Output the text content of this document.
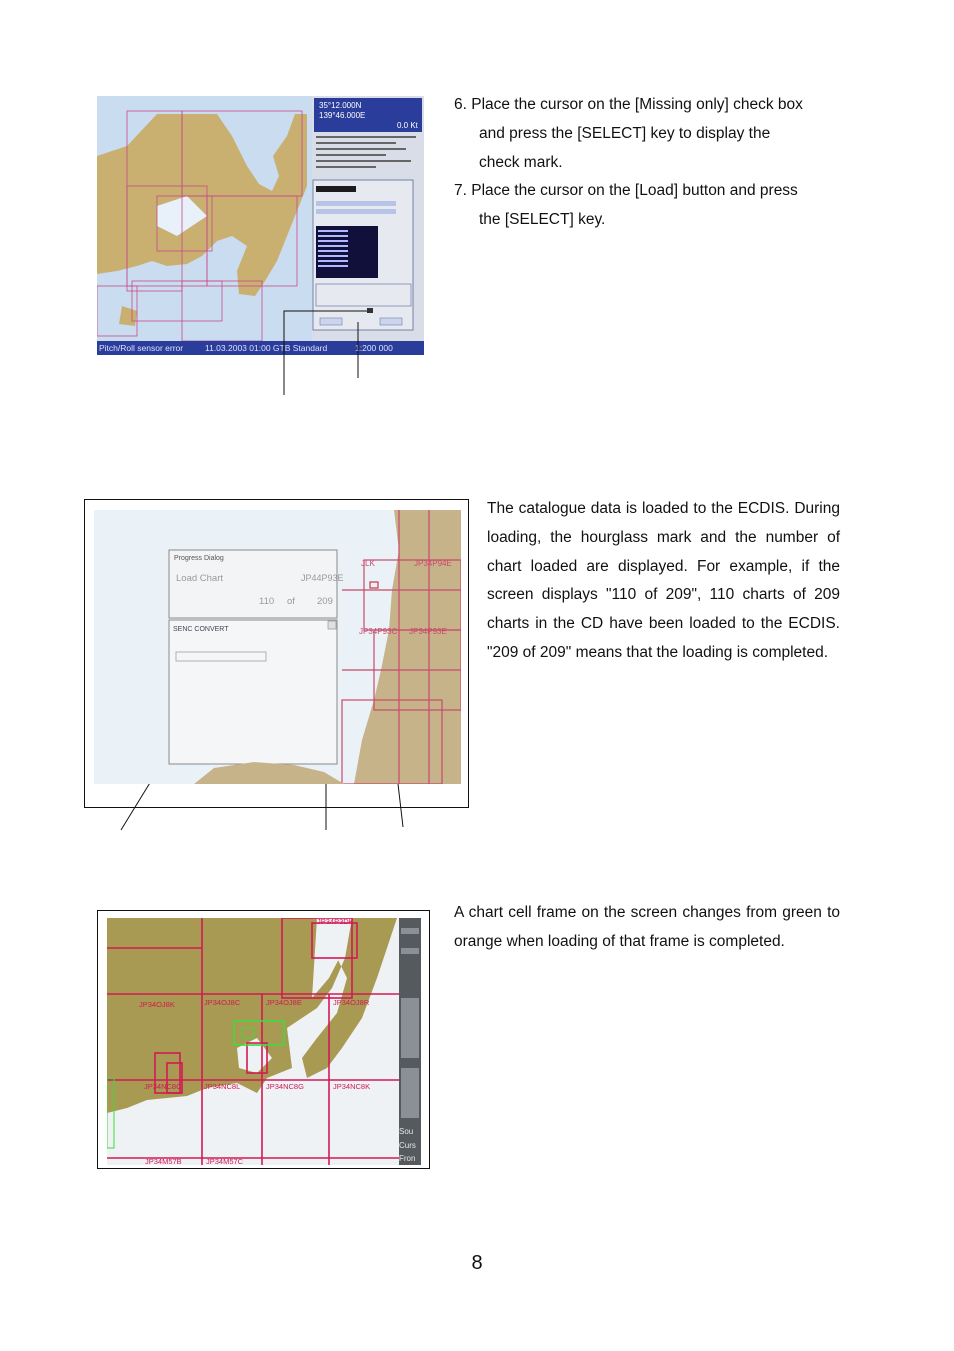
35°12.000N
139°46.000E
0.0 Kt
Pitch/Roll sensor error	11.03.2003 01:00 GTB Standard	1:200 000

6. Place the cursor on the [Missing only] check box

and press the [SELECT] key to display the

check mark.

7. Place the cursor on the [Load] button and press

the [SELECT] key.

JLK	JP34P94E
JP34P93C JP34P93E
Progress Dialog
Load Chart	JP44P93E
110 of 209
SENC CONVERT
The catalogue data is loaded to the ECDIS. During loading, the hourglass mark and the number of chart loaded are displayed. For example, if the screen displays "110 of 209", 110 charts of 209 charts in the CD have been loaded to the ECDIS. "209 of 209" means that the loading is completed.
Sou
Curs
Fron
JP34P3DK
JP34OJ8K	JP34OJ8C	JP34OJ8E	JP34OJ8R
JP34NC8C	JP34NC8L	JP34NC8G	JP34NC8K
JP34M57B	JP34M57C
A chart cell frame on the screen changes from green to orange when loading of that frame is completed.
8
